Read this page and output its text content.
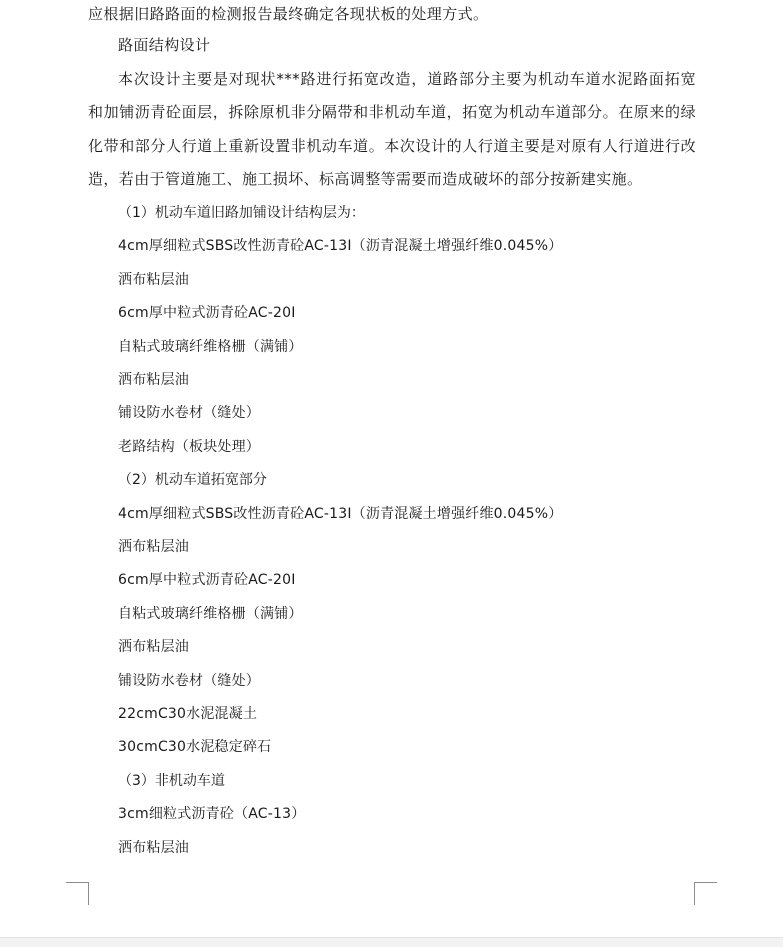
应根据旧路路面的检测报告最终确定各现状板的处理方式。

路面结构设计

本次设计主要是对现状***路进行拓宽改造，道路部分主要为机动车道水泥路面拓宽和加铺沥青砼面层，拆除原机非分隔带和非机动车道，拓宽为机动车道部分。在原来的绿化带和部分人行道上重新设置非机动车道。本次设计的人行道主要是对原有人行道进行改造，若由于管道施工、施工损坏、标高调整等需要而造成破坏的部分按新建实施。

（1）机动车道旧路加铺设计结构层为：

4cm厚细粒式SBS改性沥青砼AC-13I（沥青混凝土增强纤维0.045%）

洒布粘层油

6cm厚中粒式沥青砼AC-20I

自粘式玻璃纤维格栅（满铺）

洒布粘层油

铺设防水卷材（缝处）

老路结构（板块处理）

（2）机动车道拓宽部分

4cm厚细粒式SBS改性沥青砼AC-13I（沥青混凝土增强纤维0.045%）

洒布粘层油

6cm厚中粒式沥青砼AC-20I

自粘式玻璃纤维格栅（满铺）

洒布粘层油

铺设防水卷材（缝处）

22cmC30水泥混凝土

30cmC30水泥稳定碎石

（3）非机动车道

3cm细粒式沥青砼（AC-13）

洒布粘层油
